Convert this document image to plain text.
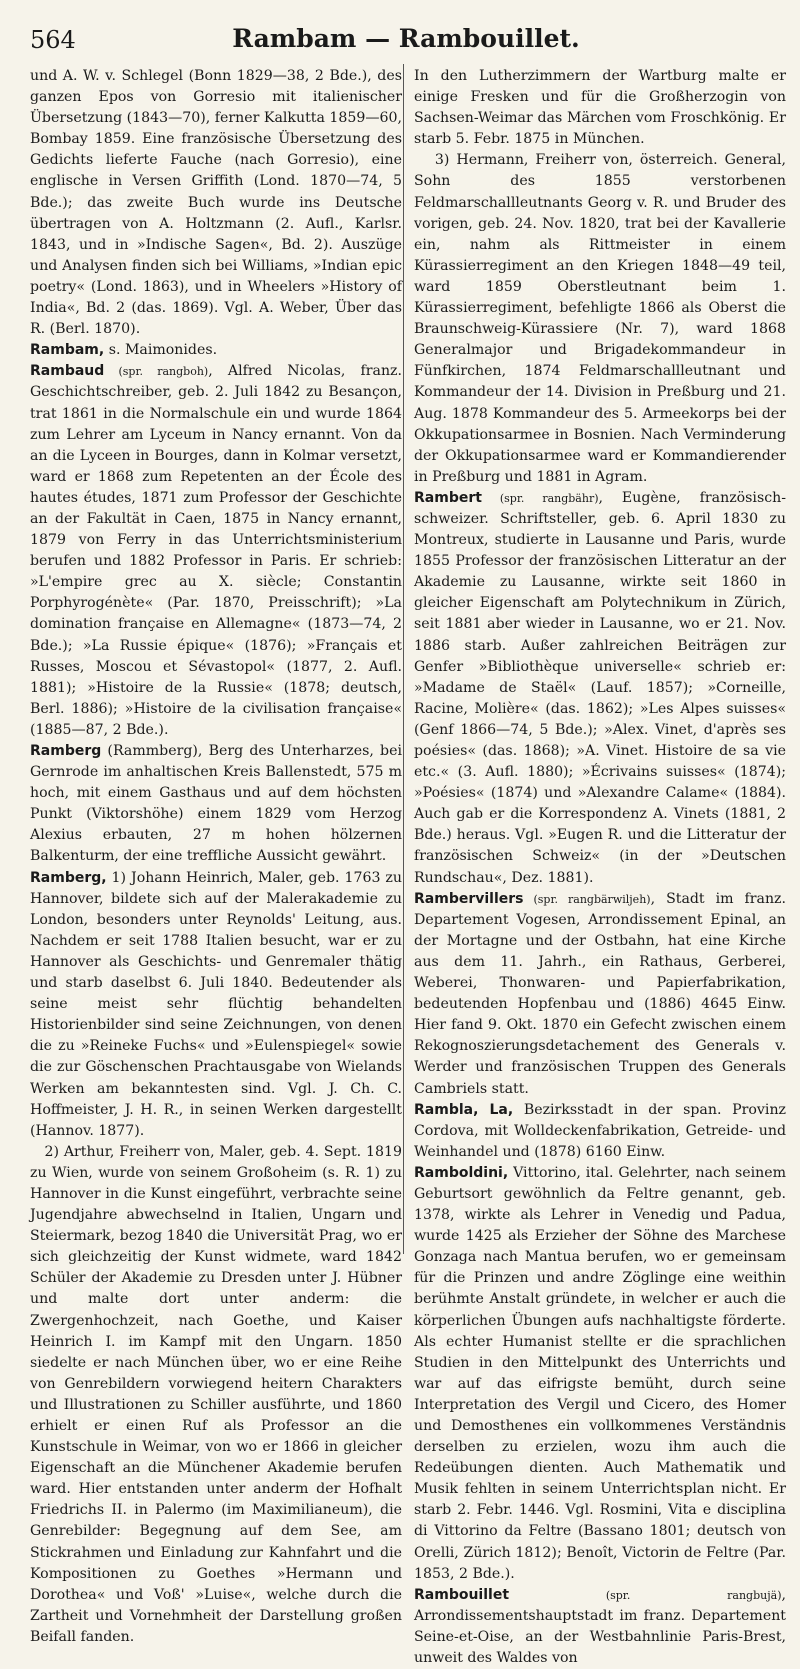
564	Rambam — Rambouillet.

und A. W. v. Schlegel (Bonn 1829—38, 2 Bde.), des ganzen Epos von Gorresio mit italienischer Übersetzung (1843—70), ferner Kalkutta 1859—60, Bombay 1859. Eine französische Übersetzung des Gedichts lieferte Fauche (nach Gorresio), eine englische in Versen Griffith (Lond. 1870—74, 5 Bde.); das zweite Buch wurde ins Deutsche übertragen von A. Holtzmann (2. Aufl., Karlsr. 1843, und in »Indische Sagen«, Bd. 2). Auszüge und Analysen finden sich bei Williams, »Indian epic poetry« (Lond. 1863), und in Wheelers »History of India«, Bd. 2 (das. 1869). Vgl. A. Weber, Über das R. (Berl. 1870).

Rambam, s. Maimonides.

Rambaud (spr. rangboh), Alfred Nicolas, franz. Geschichtschreiber, geb. 2. Juli 1842 zu Besançon, trat 1861 in die Normalschule ein und wurde 1864 zum Lehrer am Lyceum in Nancy ernannt. Von da an die Lyceen in Bourges, dann in Kolmar versetzt, ward er 1868 zum Repetenten an der École des hautes études, 1871 zum Professor der Geschichte an der Fakultät in Caen, 1875 in Nancy ernannt, 1879 von Ferry in das Unterrichtsministerium berufen und 1882 Professor in Paris. Er schrieb: »L'empire grec au X. siècle; Constantin Porphyrogénète« (Par. 1870, Preisschrift); »La domination française en Allemagne« (1873—74, 2 Bde.); »La Russie épique« (1876); »Français et Russes, Moscou et Sévastopol« (1877, 2. Aufl. 1881); »Histoire de la Russie« (1878; deutsch, Berl. 1886); »Histoire de la civilisation française« (1885—87, 2 Bde.).

Ramberg (Rammberg), Berg des Unterharzes, bei Gernrode im anhaltischen Kreis Ballenstedt, 575 m hoch, mit einem Gasthaus und auf dem höchsten Punkt (Viktorshöhe) einem 1829 vom Herzog Alexius erbauten, 27 m hohen hölzernen Balkenturm, der eine treffliche Aussicht gewährt.

Ramberg, 1) Johann Heinrich, Maler, geb. 1763 zu Hannover, bildete sich auf der Malerakademie zu London, besonders unter Reynolds' Leitung, aus. Nachdem er seit 1788 Italien besucht, war er zu Hannover als Geschichts- und Genremaler thätig und starb daselbst 6. Juli 1840. Bedeutender als seine meist sehr flüchtig behandelten Historienbilder sind seine Zeichnungen, von denen die zu »Reineke Fuchs« und »Eulenspiegel« sowie die zur Göschenschen Prachtausgabe von Wielands Werken am bekanntesten sind. Vgl. J. Ch. C. Hoffmeister, J. H. R., in seinen Werken dargestellt (Hannov. 1877).

2) Arthur, Freiherr von, Maler, geb. 4. Sept. 1819 zu Wien, wurde von seinem Großoheim (s. R. 1) zu Hannover in die Kunst eingeführt, verbrachte seine Jugendjahre abwechselnd in Italien, Ungarn und Steiermark, bezog 1840 die Universität Prag, wo er sich gleichzeitig der Kunst widmete, ward 1842 Schüler der Akademie zu Dresden unter J. Hübner und malte dort unter anderm: die Zwergenhochzeit, nach Goethe, und Kaiser Heinrich I. im Kampf mit den Ungarn. 1850 siedelte er nach München über, wo er eine Reihe von Genrebildern vorwiegend heitern Charakters und Illustrationen zu Schiller ausführte, und 1860 erhielt er einen Ruf als Professor an die Kunstschule in Weimar, von wo er 1866 in gleicher Eigenschaft an die Münchener Akademie berufen ward. Hier entstanden unter anderm der Hofhalt Friedrichs II. in Palermo (im Maximilianeum), die Genrebilder: Begegnung auf dem See, am Stickrahmen und Einladung zur Kahnfahrt und die Kompositionen zu Goethes »Hermann und Dorothea« und Voß' »Luise«, welche durch die Zartheit und Vornehmheit der Darstellung großen Beifall fanden.

In den Lutherzimmern der Wartburg malte er einige Fresken und für die Großherzogin von Sachsen-Weimar das Märchen vom Froschkönig. Er starb 5. Febr. 1875 in München.

3) Hermann, Freiherr von, österreich. General, Sohn des 1855 verstorbenen Feldmarschallleutnants Georg v. R. und Bruder des vorigen, geb. 24. Nov. 1820, trat bei der Kavallerie ein, nahm als Rittmeister in einem Kürassierregiment an den Kriegen 1848—49 teil, ward 1859 Oberstleutnant beim 1. Kürassierregiment, befehligte 1866 als Oberst die Braunschweig-Kürassiere (Nr. 7), ward 1868 Generalmajor und Brigadekommandeur in Fünfkirchen, 1874 Feldmarschallleutnant und Kommandeur der 14. Division in Preßburg und 21. Aug. 1878 Kommandeur des 5. Armeekorps bei der Okkupationsarmee in Bosnien. Nach Verminderung der Okkupationsarmee ward er Kommandierender in Preßburg und 1881 in Agram.

Rambert (spr. rangbähr), Eugène, französisch-schweizer. Schriftsteller, geb. 6. April 1830 zu Montreux, studierte in Lausanne und Paris, wurde 1855 Professor der französischen Litteratur an der Akademie zu Lausanne, wirkte seit 1860 in gleicher Eigenschaft am Polytechnikum in Zürich, seit 1881 aber wieder in Lausanne, wo er 21. Nov. 1886 starb. Außer zahlreichen Beiträgen zur Genfer »Bibliothèque universelle« schrieb er: »Madame de Staël« (Lauf. 1857); »Corneille, Racine, Molière« (das. 1862); »Les Alpes suisses« (Genf 1866—74, 5 Bde.); »Alex. Vinet, d'après ses poésies« (das. 1868); »A. Vinet. Histoire de sa vie etc.« (3. Aufl. 1880); »Écrivains suisses« (1874); »Poésies« (1874) und »Alexandre Calame« (1884). Auch gab er die Korrespondenz A. Vinets (1881, 2 Bde.) heraus. Vgl. »Eugen R. und die Litteratur der französischen Schweiz« (in der »Deutschen Rundschau«, Dez. 1881).

Rambervillers (spr. rangbärwiljeh), Stadt im franz. Departement Vogesen, Arrondissement Epinal, an der Mortagne und der Ostbahn, hat eine Kirche aus dem 11. Jahrh., ein Rathaus, Gerberei, Weberei, Thonwaren- und Papierfabrikation, bedeutenden Hopfenbau und (1886) 4645 Einw. Hier fand 9. Okt. 1870 ein Gefecht zwischen einem Rekognoszierungsdetachement des Generals v. Werder und französischen Truppen des Generals Cambriels statt.

Rambla, La, Bezirksstadt in der span. Provinz Cordova, mit Wolldeckenfabrikation, Getreide- und Weinhandel und (1878) 6160 Einw.

Ramboldini, Vittorino, ital. Gelehrter, nach seinem Geburtsort gewöhnlich da Feltre genannt, geb. 1378, wirkte als Lehrer in Venedig und Padua, wurde 1425 als Erzieher der Söhne des Marchese Gonzaga nach Mantua berufen, wo er gemeinsam für die Prinzen und andre Zöglinge eine weithin berühmte Anstalt gründete, in welcher er auch die körperlichen Übungen aufs nachhaltigste förderte. Als echter Humanist stellte er die sprachlichen Studien in den Mittelpunkt des Unterrichts und war auf das eifrigste bemüht, durch seine Interpretation des Vergil und Cicero, des Homer und Demosthenes ein vollkommenes Verständnis derselben zu erzielen, wozu ihm auch die Redeübungen dienten. Auch Mathematik und Musik fehlten in seinem Unterrichtsplan nicht. Er starb 2. Febr. 1446. Vgl. Rosmini, Vita e disciplina di Vittorino da Feltre (Bassano 1801; deutsch von Orelli, Zürich 1812); Benoît, Victorin de Feltre (Par. 1853, 2 Bde.).

Rambouillet (spr. rangbujä), Arrondissementshauptstadt im franz. Departement Seine-et-Oise, an der Westbahnlinie Paris-Brest, unweit des Waldes von
